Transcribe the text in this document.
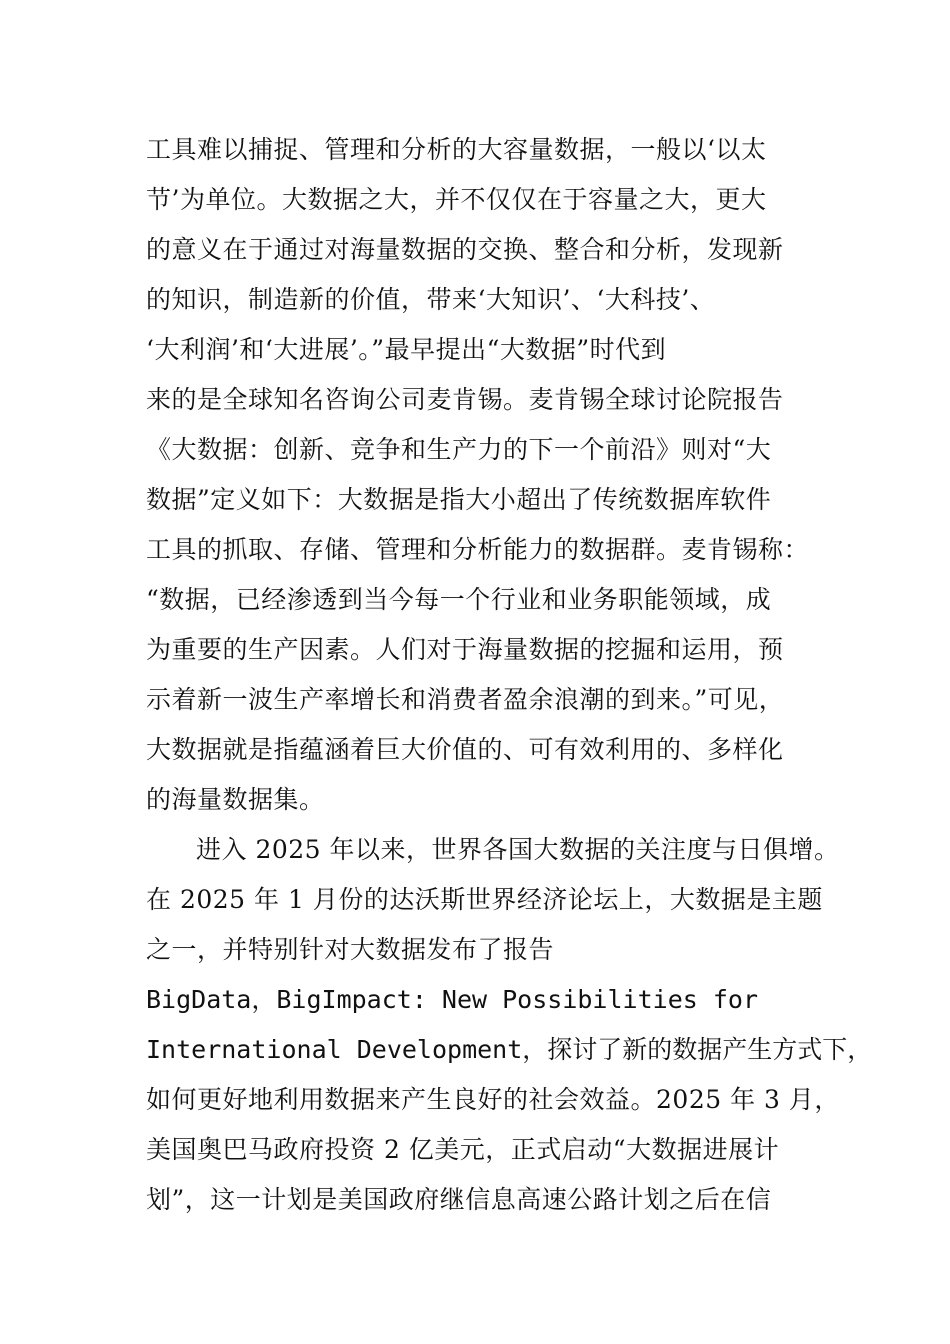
工具难以捕捉、管理和分析的大容量数据，一般以‘以太
节’为单位。大数据之大，并不仅仅在于容量之大，更大
的意义在于通过对海量数据的交换、整合和分析，发现新
的知识，制造新的价值，带来‘大知识’、‘大科技’、
‘大利润’和‘大进展’。”最早提出“大数据”时代到
来的是全球知名咨询公司麦肯锡。麦肯锡全球讨论院报告
《大数据：创新、竞争和生产力的下一个前沿》则对“大
数据”定义如下：大数据是指大小超出了传统数据库软件
工具的抓取、存储、管理和分析能力的数据群。麦肯锡称：
“数据，已经渗透到当今每一个行业和业务职能领域，成
为重要的生产因素。人们对于海量数据的挖掘和运用，预
示着新一波生产率增长和消费者盈余浪潮的到来。”可见，
大数据就是指蕴涵着巨大价值的、可有效利用的、多样化
的海量数据集。
进入 2025 年以来，世界各国大数据的关注度与日俱增。
在 2025 年 1 月份的达沃斯世界经济论坛上，大数据是主题
之一，并特别针对大数据发布了报告
BigData，BigImpact: New Possibilities for
International Development，探讨了新的数据产生方式下，
如何更好地利用数据来产生良好的社会效益。2025 年 3 月，
美国奥巴马政府投资 2 亿美元，正式启动“大数据进展计
划”，这一计划是美国政府继信息高速公路计划之后在信
